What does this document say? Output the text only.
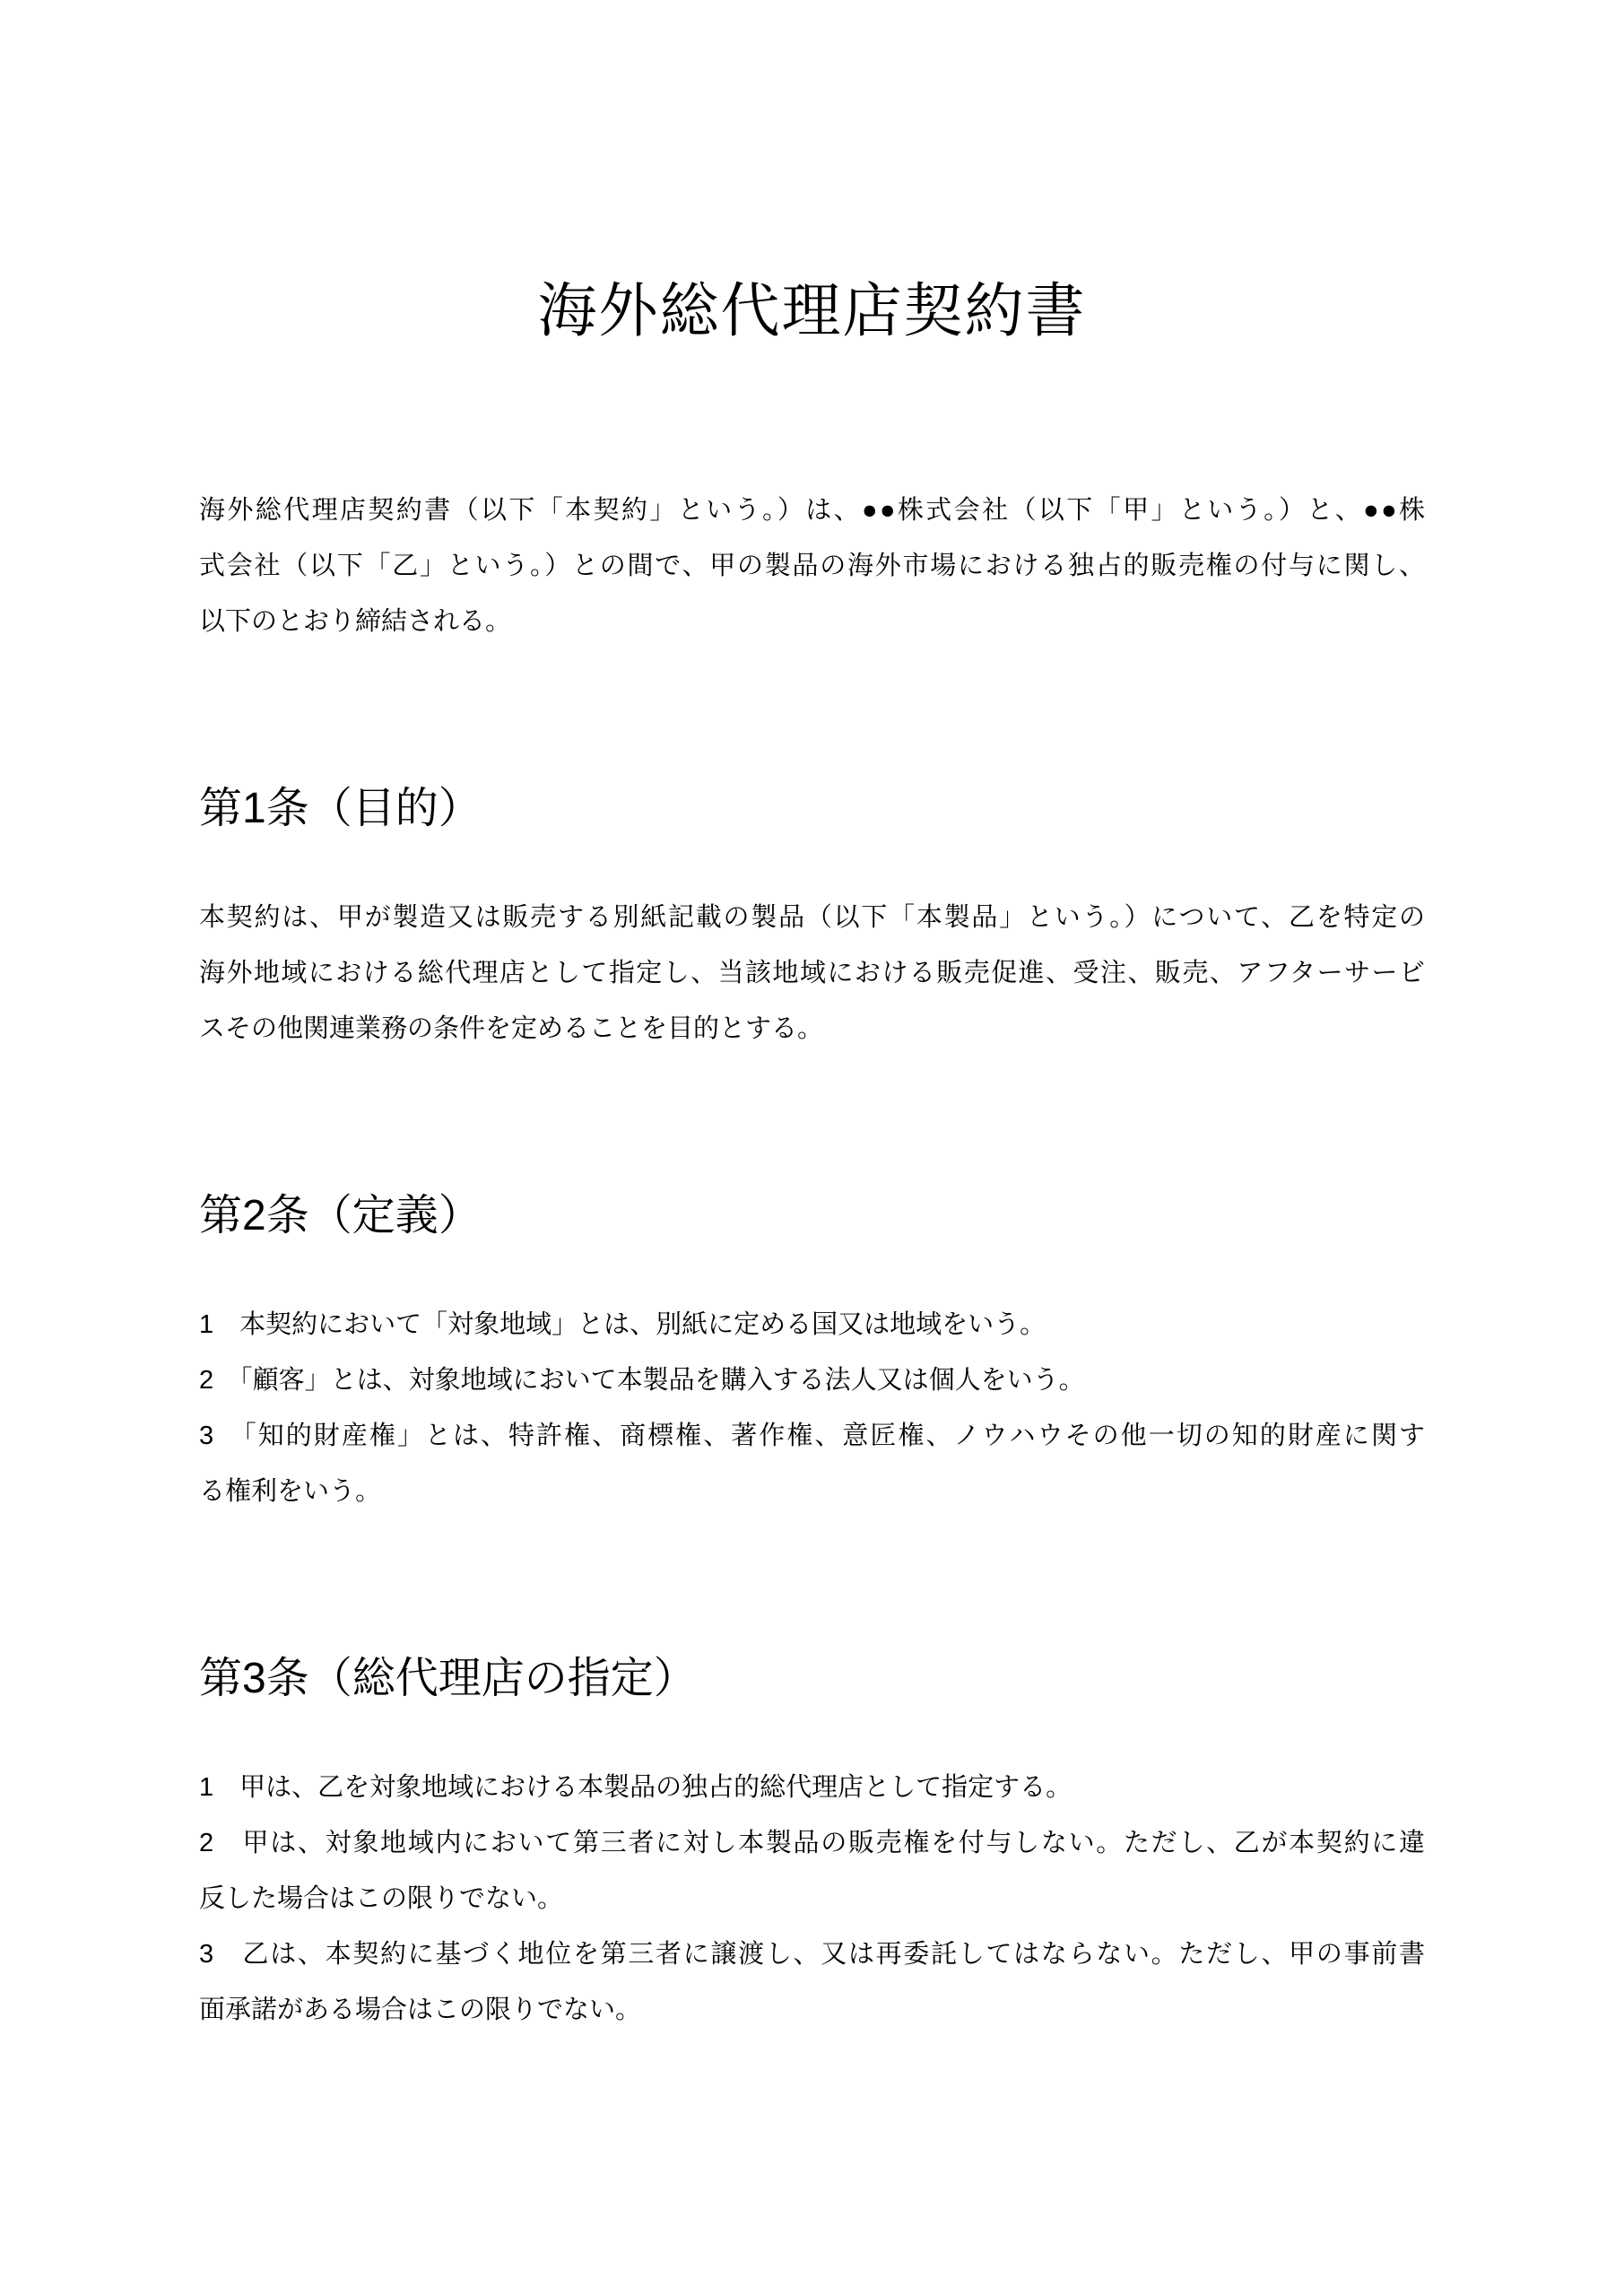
海外総代理店契約書
海外総代理店契約書（以下「本契約」という。）は、●●株式会社（以下「甲」という。）と、●●株
式会社（以下「乙」という。）との間で、甲の製品の海外市場における独占的販売権の付与に関し、
以下のとおり締結される。
第1条（目的）
本契約は、甲が製造又は販売する別紙記載の製品（以下「本製品」という。）について、乙を特定の
海外地域における総代理店として指定し、当該地域における販売促進、受注、販売、アフターサービ
スその他関連業務の条件を定めることを目的とする。
第2条（定義）
1　本契約において「対象地域」とは、別紙に定める国又は地域をいう。
2　「顧客」とは、対象地域において本製品を購入する法人又は個人をいう。
3　「知的財産権」とは、特許権、商標権、著作権、意匠権、ノウハウその他一切の知的財産に関す
る権利をいう。
第3条（総代理店の指定）
1　甲は、乙を対象地域における本製品の独占的総代理店として指定する。
2　甲は、対象地域内において第三者に対し本製品の販売権を付与しない。ただし、乙が本契約に違
反した場合はこの限りでない。
3　乙は、本契約に基づく地位を第三者に譲渡し、又は再委託してはならない。ただし、甲の事前書
面承諾がある場合はこの限りでない。
